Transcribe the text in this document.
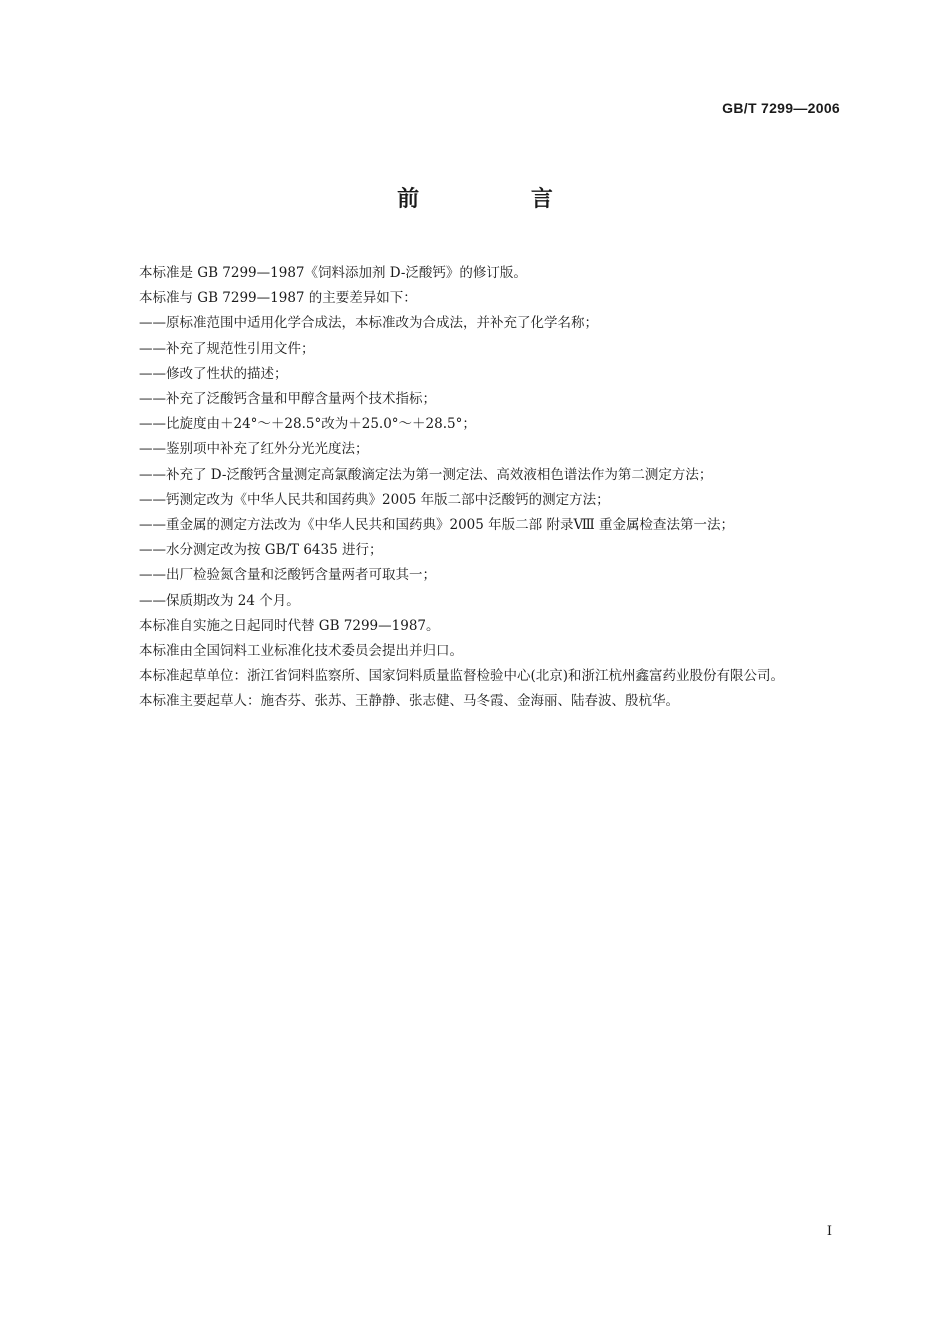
GB/T 7299—2006
前 言

本标准是 GB 7299—1987《饲料添加剂 D-泛酸钙》的修订版。

本标准与 GB 7299—1987 的主要差异如下：

——原标准范围中适用化学合成法，本标准改为合成法，并补充了化学名称；

——补充了规范性引用文件；

——修改了性状的描述；

——补充了泛酸钙含量和甲醇含量两个技术指标；

——比旋度由＋24°～＋28.5°改为＋25.0°～＋28.5°；

——鉴别项中补充了红外分光光度法；

——补充了 D-泛酸钙含量测定高氯酸滴定法为第一测定法、高效液相色谱法作为第二测定方法；

——钙测定改为《中华人民共和国药典》2005 年版二部中泛酸钙的测定方法；

——重金属的测定方法改为《中华人民共和国药典》2005 年版二部 附录Ⅷ 重金属检查法第一法；

——水分测定改为按 GB/T 6435 进行；

——出厂检验氮含量和泛酸钙含量两者可取其一；

——保质期改为 24 个月。

本标准自实施之日起同时代替 GB 7299—1987。

本标准由全国饲料工业标准化技术委员会提出并归口。

本标准起草单位：浙江省饲料监察所、国家饲料质量监督检验中心(北京)和浙江杭州鑫富药业股份有限公司。

本标准主要起草人：施杏芬、张苏、王静静、张志健、马冬霞、金海丽、陆春波、殷杭华。

I
